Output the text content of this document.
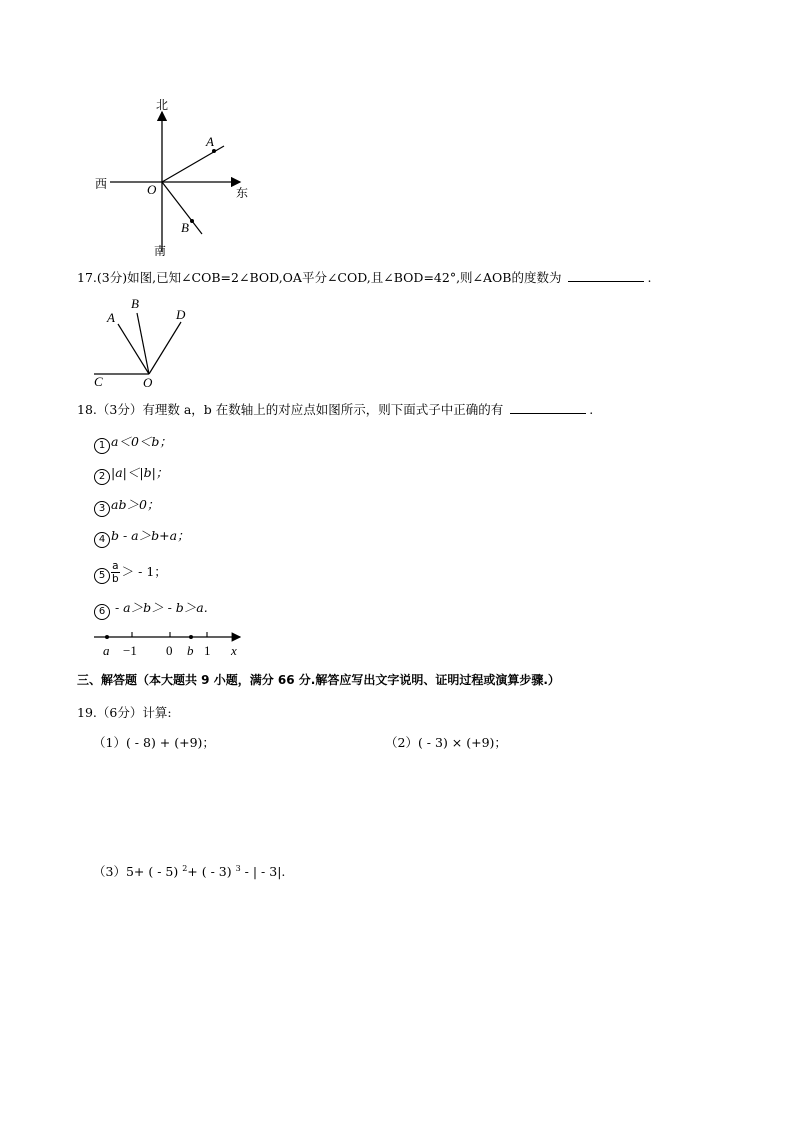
北
南
东
西	O
A
B
17.(3分)如图,已知∠COB=2∠BOD,OA平分∠COD,且∠BOD=42°,则∠AOB的度数为	.
A
B
C
D
O
18.（3分）有理数 a，b 在数轴上的对应点如图所示，则下面式子中正确的有	.
1 a＜0＜b；
2 |a|＜|b|；
3 ab＞0；
4 b - a＞b+a；
$5 \frac{a}{b}$ ＞ - 1；
6 - a＞b＞ - b＞a.
a −1 0 b 1 x
三、解答题（本大题共 9 小题，满分 66 分.解答应写出文字说明、证明过程或演算步骤.）
19.（6分）计算:
（1）( - 8) + (+9)；	（2）( - 3) × (+9)；
（3）5+ ( - 5) $^2$+ ( - 3) $^3$ - | - 3|.
